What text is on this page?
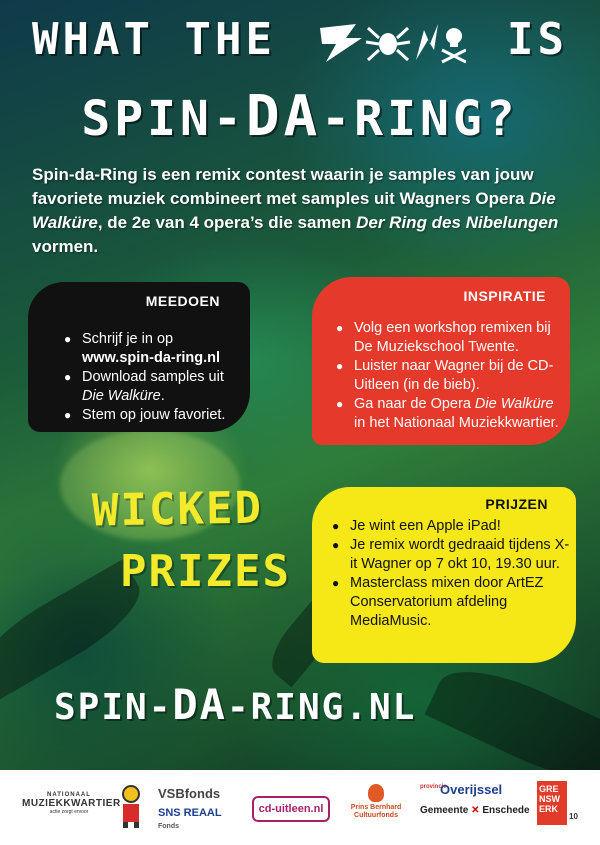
WHAT THE	IS
SPIN-DA-RING?
Spin-da-Ring is een remix contest waarin je samples van jouw favoriete muziek combineert met samples uit Wagners Opera Die Walküre, de 2e van 4 opera’s die samen Der Ring des Nibelungen vormen.
MEEDOEN
● Schrijf je in op
www.spin-da-ring.nl
● Download samples uit
Die Walküre.
● Stem op jouw favoriet.
INSPIRATIE
● Volg een workshop remixen bij De Muziekschool Twente.
● Luister naar Wagner bij de CD-Uitleen (in de bieb).
● Ga naar de Opera Die Walküre in het Nationaal Muziekkwartier.
WICKED
PRIZES
PRIJZEN
● Je wint een Apple iPad!
● Je remix wordt gedraaid tijdens X-it Wagner op 7 okt 10, 19.30 uur.
● Masterclass mixen door ArtEZ Conservatorium afdeling MediaMusic.
SPIN-DA-RING.NL
NATIONAAL
MUZIEKKWARTIER
actie zorgt ervoor
VSBfonds
SNS REAAL Fonds
cd-uitleen.nl	Prins Bernhard
Cultuurfonds
provincie
Overijssel
Gemeente ✕ Enschede
GRE NSW ERK
10
